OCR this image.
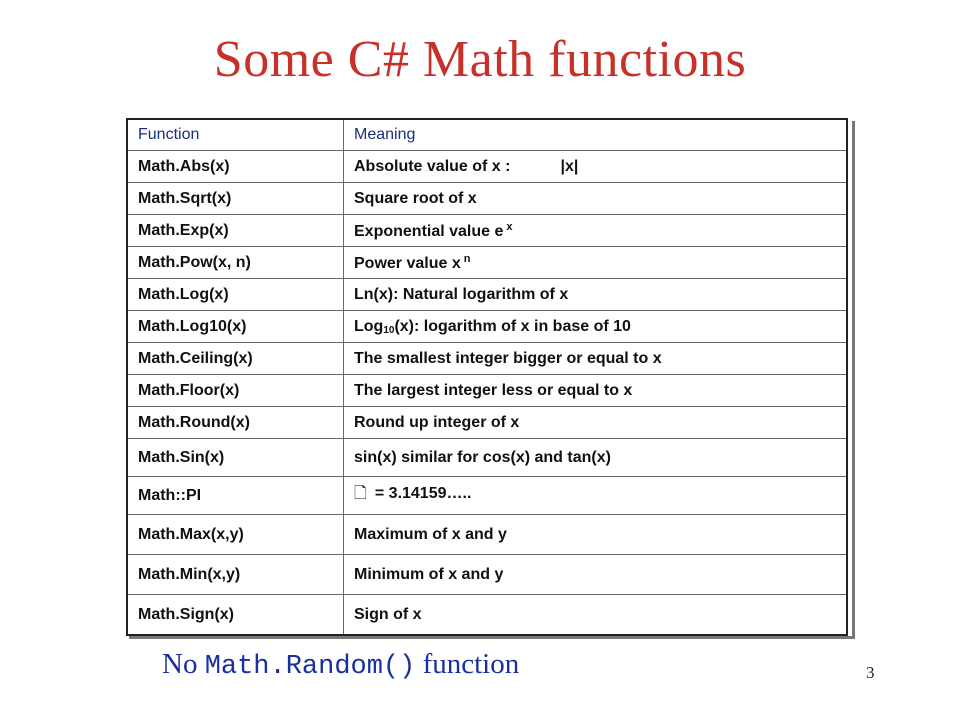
Some C# Math functions
Function	Meaning
Math.Abs(x)	Absolute value of x : |x|
Math.Sqrt(x)	Square root of x
Math.Exp(x)	Exponential value e $^x$
Math.Pow(x, n)	Power value x $^n$
Math.Log(x)	Ln(x): Natural logarithm of x
Math.Log10(x)	Log$_{10}$(x): logarithm of x in base of 10
Math.Ceiling(x)	The smallest integer bigger or equal to x
Math.Floor(x)	The largest integer less or equal to x
Math.Round(x)	Round up integer of x
Math.Sin(x)	sin(x) similar for cos(x) and tan(x)
Math::PI	🗋 = 3.14159…..
Math.Max(x,y)	Maximum of x and y
Math.Min(x,y)	Minimum of x and y
Math.Sign(x)	Sign of x
No Math.Random() function	3
